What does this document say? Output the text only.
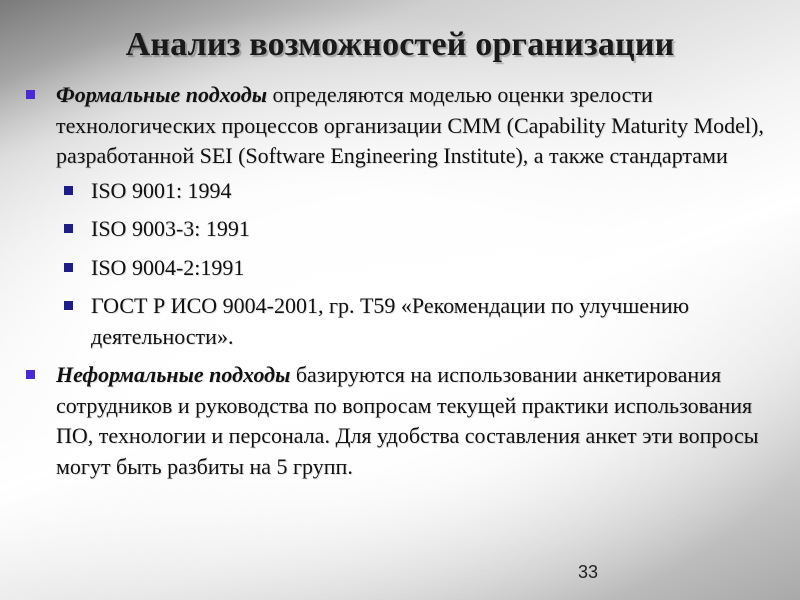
Анализ возможностей организации
Формальные подходы определяются моделью оценки зрелости технологических процессов организации CMM (Capability Maturity Model), разработанной SEI (Software Engineering Institute), а также стандартами
ISO 9001: 1994
ISO 9003-3: 1991
ISO 9004-2:1991
ГОСТ Р ИСО 9004-2001, гр. Т59 «Рекомендации по улучшению деятельности».
Неформальные подходы базируются на использовании анкетирования сотрудников и руководства по вопросам текущей практики использования ПО, технологии и персонала. Для удобства составления анкет эти вопросы могут быть разбиты на 5 групп.
33
